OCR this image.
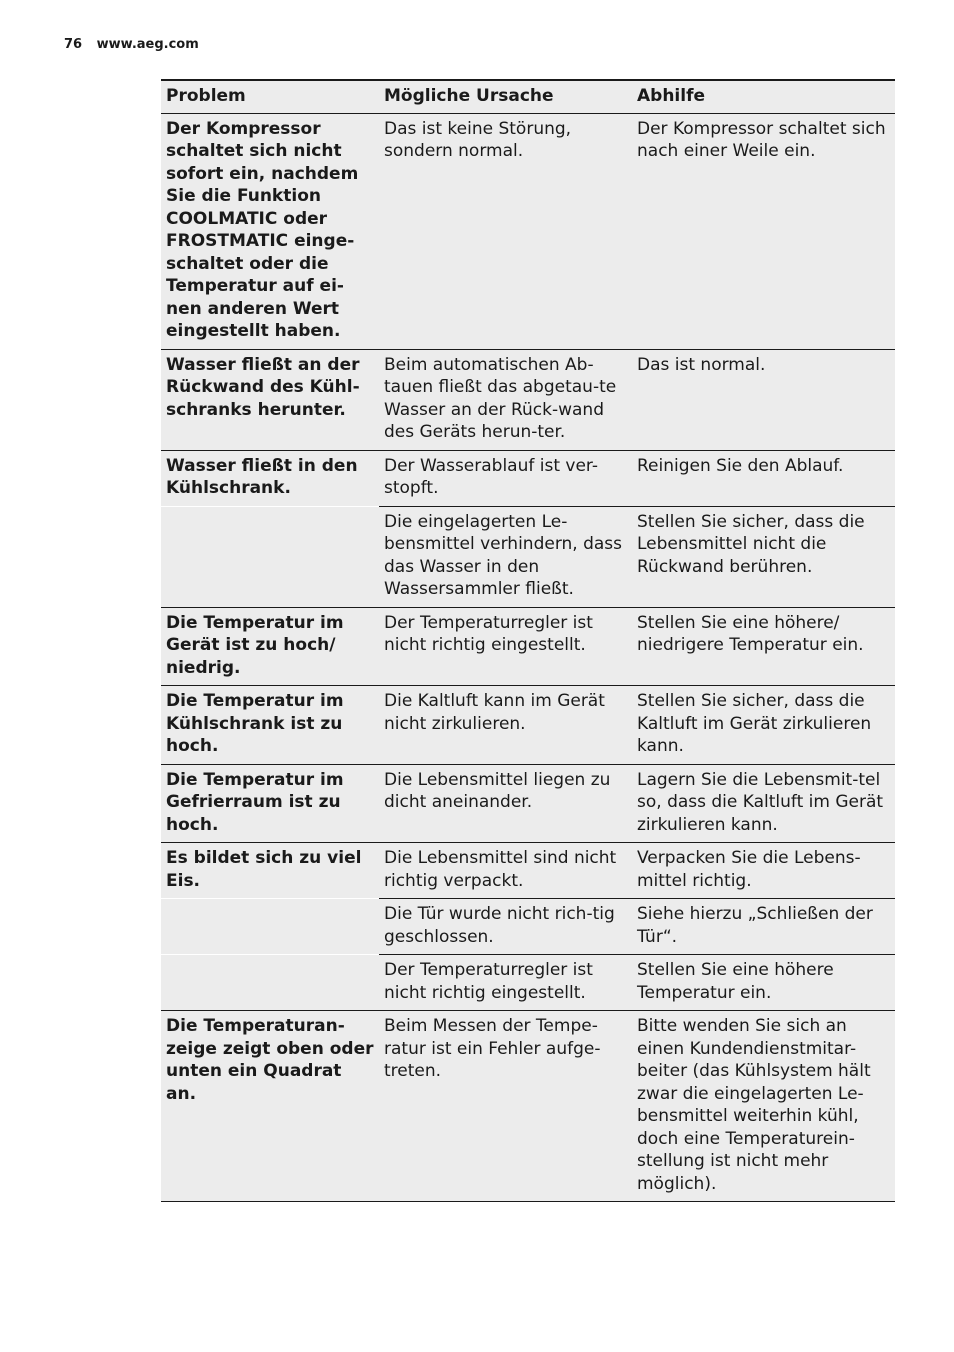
76 www.aeg.com
Problem	Mögliche Ursache	Abhilfe
Der Kompressor schaltet sich nicht sofort ein, nachdem Sie die Funktion COOLMATIC oder FROSTMATIC einge-schaltet oder die Temperatur auf ei-nen anderen Wert eingestellt haben.	Das ist keine Störung, sondern normal.	Der Kompressor schaltet sich nach einer Weile ein.
Wasser fließt an der Rückwand des Kühl-schranks herunter.	Beim automatischen Ab-tauen fließt das abgetau-te Wasser an der Rück-wand des Geräts herun-ter.	Das ist normal.
Wasser fließt in den Kühlschrank.	Der Wasserablauf ist ver-stopft.	Reinigen Sie den Ablauf.
	Die eingelagerten Le-bensmittel verhindern, dass das Wasser in den Wassersammler fließt.	Stellen Sie sicher, dass die Lebensmittel nicht die Rückwand berühren.
Die Temperatur im Gerät ist zu hoch/ niedrig.	Der Temperaturregler ist nicht richtig eingestellt.	Stellen Sie eine höhere/ niedrigere Temperatur ein.
Die Temperatur im Kühlschrank ist zu hoch.	Die Kaltluft kann im Gerät nicht zirkulieren.	Stellen Sie sicher, dass die Kaltluft im Gerät zirkulieren kann.
Die Temperatur im Gefrierraum ist zu hoch.	Die Lebensmittel liegen zu dicht aneinander.	Lagern Sie die Lebensmit-tel so, dass die Kaltluft im Gerät zirkulieren kann.
Es bildet sich zu viel Eis.	Die Lebensmittel sind nicht richtig verpackt.	Verpacken Sie die Lebens-mittel richtig.
	Die Tür wurde nicht rich-tig geschlossen.	Siehe hierzu „Schließen der Tür“.
	Der Temperaturregler ist nicht richtig eingestellt.	Stellen Sie eine höhere Temperatur ein.
Die Temperaturan-zeige zeigt oben oder unten ein Quadrat an.	Beim Messen der Tempe-ratur ist ein Fehler aufge-treten.	Bitte wenden Sie sich an einen Kundendienstmitar-beiter (das Kühlsystem hält zwar die eingelagerten Le-bensmittel weiterhin kühl, doch eine Temperaturein-stellung ist nicht mehr möglich).
